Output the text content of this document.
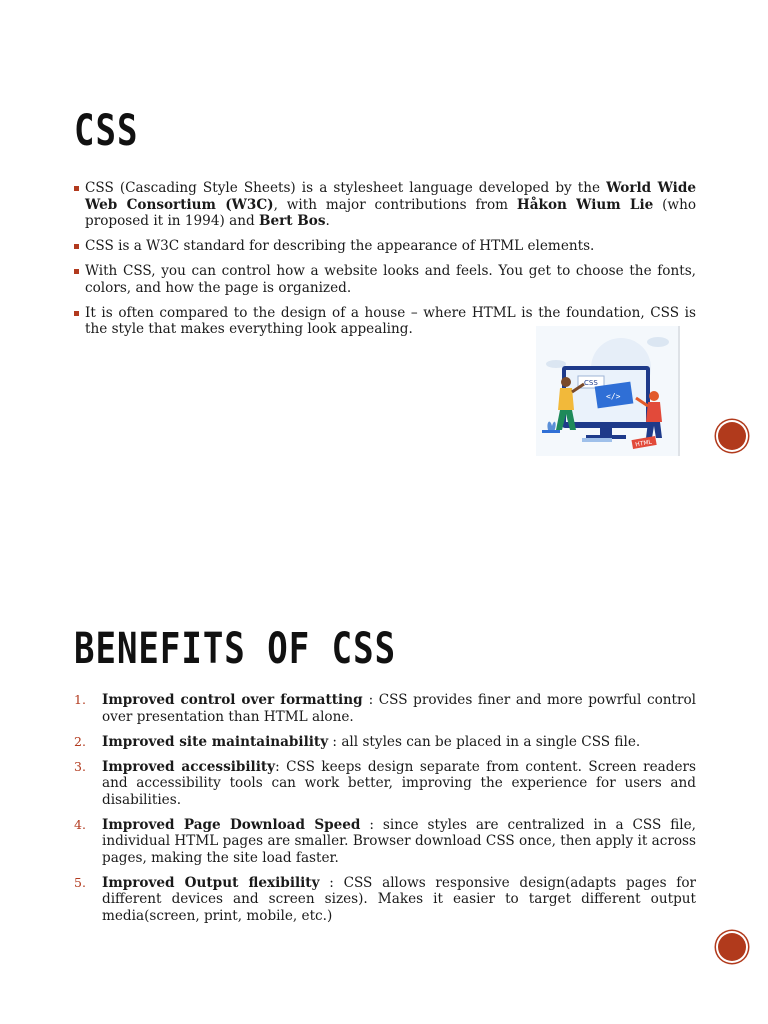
CSS
CSS (Cascading Style Sheets) is a stylesheet language developed by the World Wide Web Consortium (W3C), with major contributions from Håkon Wium Lie (who proposed it in 1994) and Bert Bos.
CSS is a W3C standard for describing the appearance of HTML elements.
With CSS, you can control how a website looks and feels. You get to choose the fonts, colors, and how the page is organized.
It is often compared to the design of a house – where HTML is the foundation, CSS is the style that makes everything look appealing.
CSS
</>
HTML
BENEFITS OF CSS
1. Improved control over formatting : CSS provides finer and more powrful control over presentation than HTML alone.
2. Improved site maintainability : all styles can be placed in a single CSS file.
3. Improved accessibility: CSS keeps design separate from content. Screen readers and accessibility tools can work better, improving the experience for users and disabilities.
4. Improved Page Download Speed : since styles are centralized in a CSS file, individual HTML pages are smaller. Browser download CSS once, then apply it across pages, making the site load faster.
5. Improved Output flexibility : CSS allows responsive design(adapts pages for different devices and screen sizes). Makes it easier to target different output media(screen, print, mobile, etc.)
